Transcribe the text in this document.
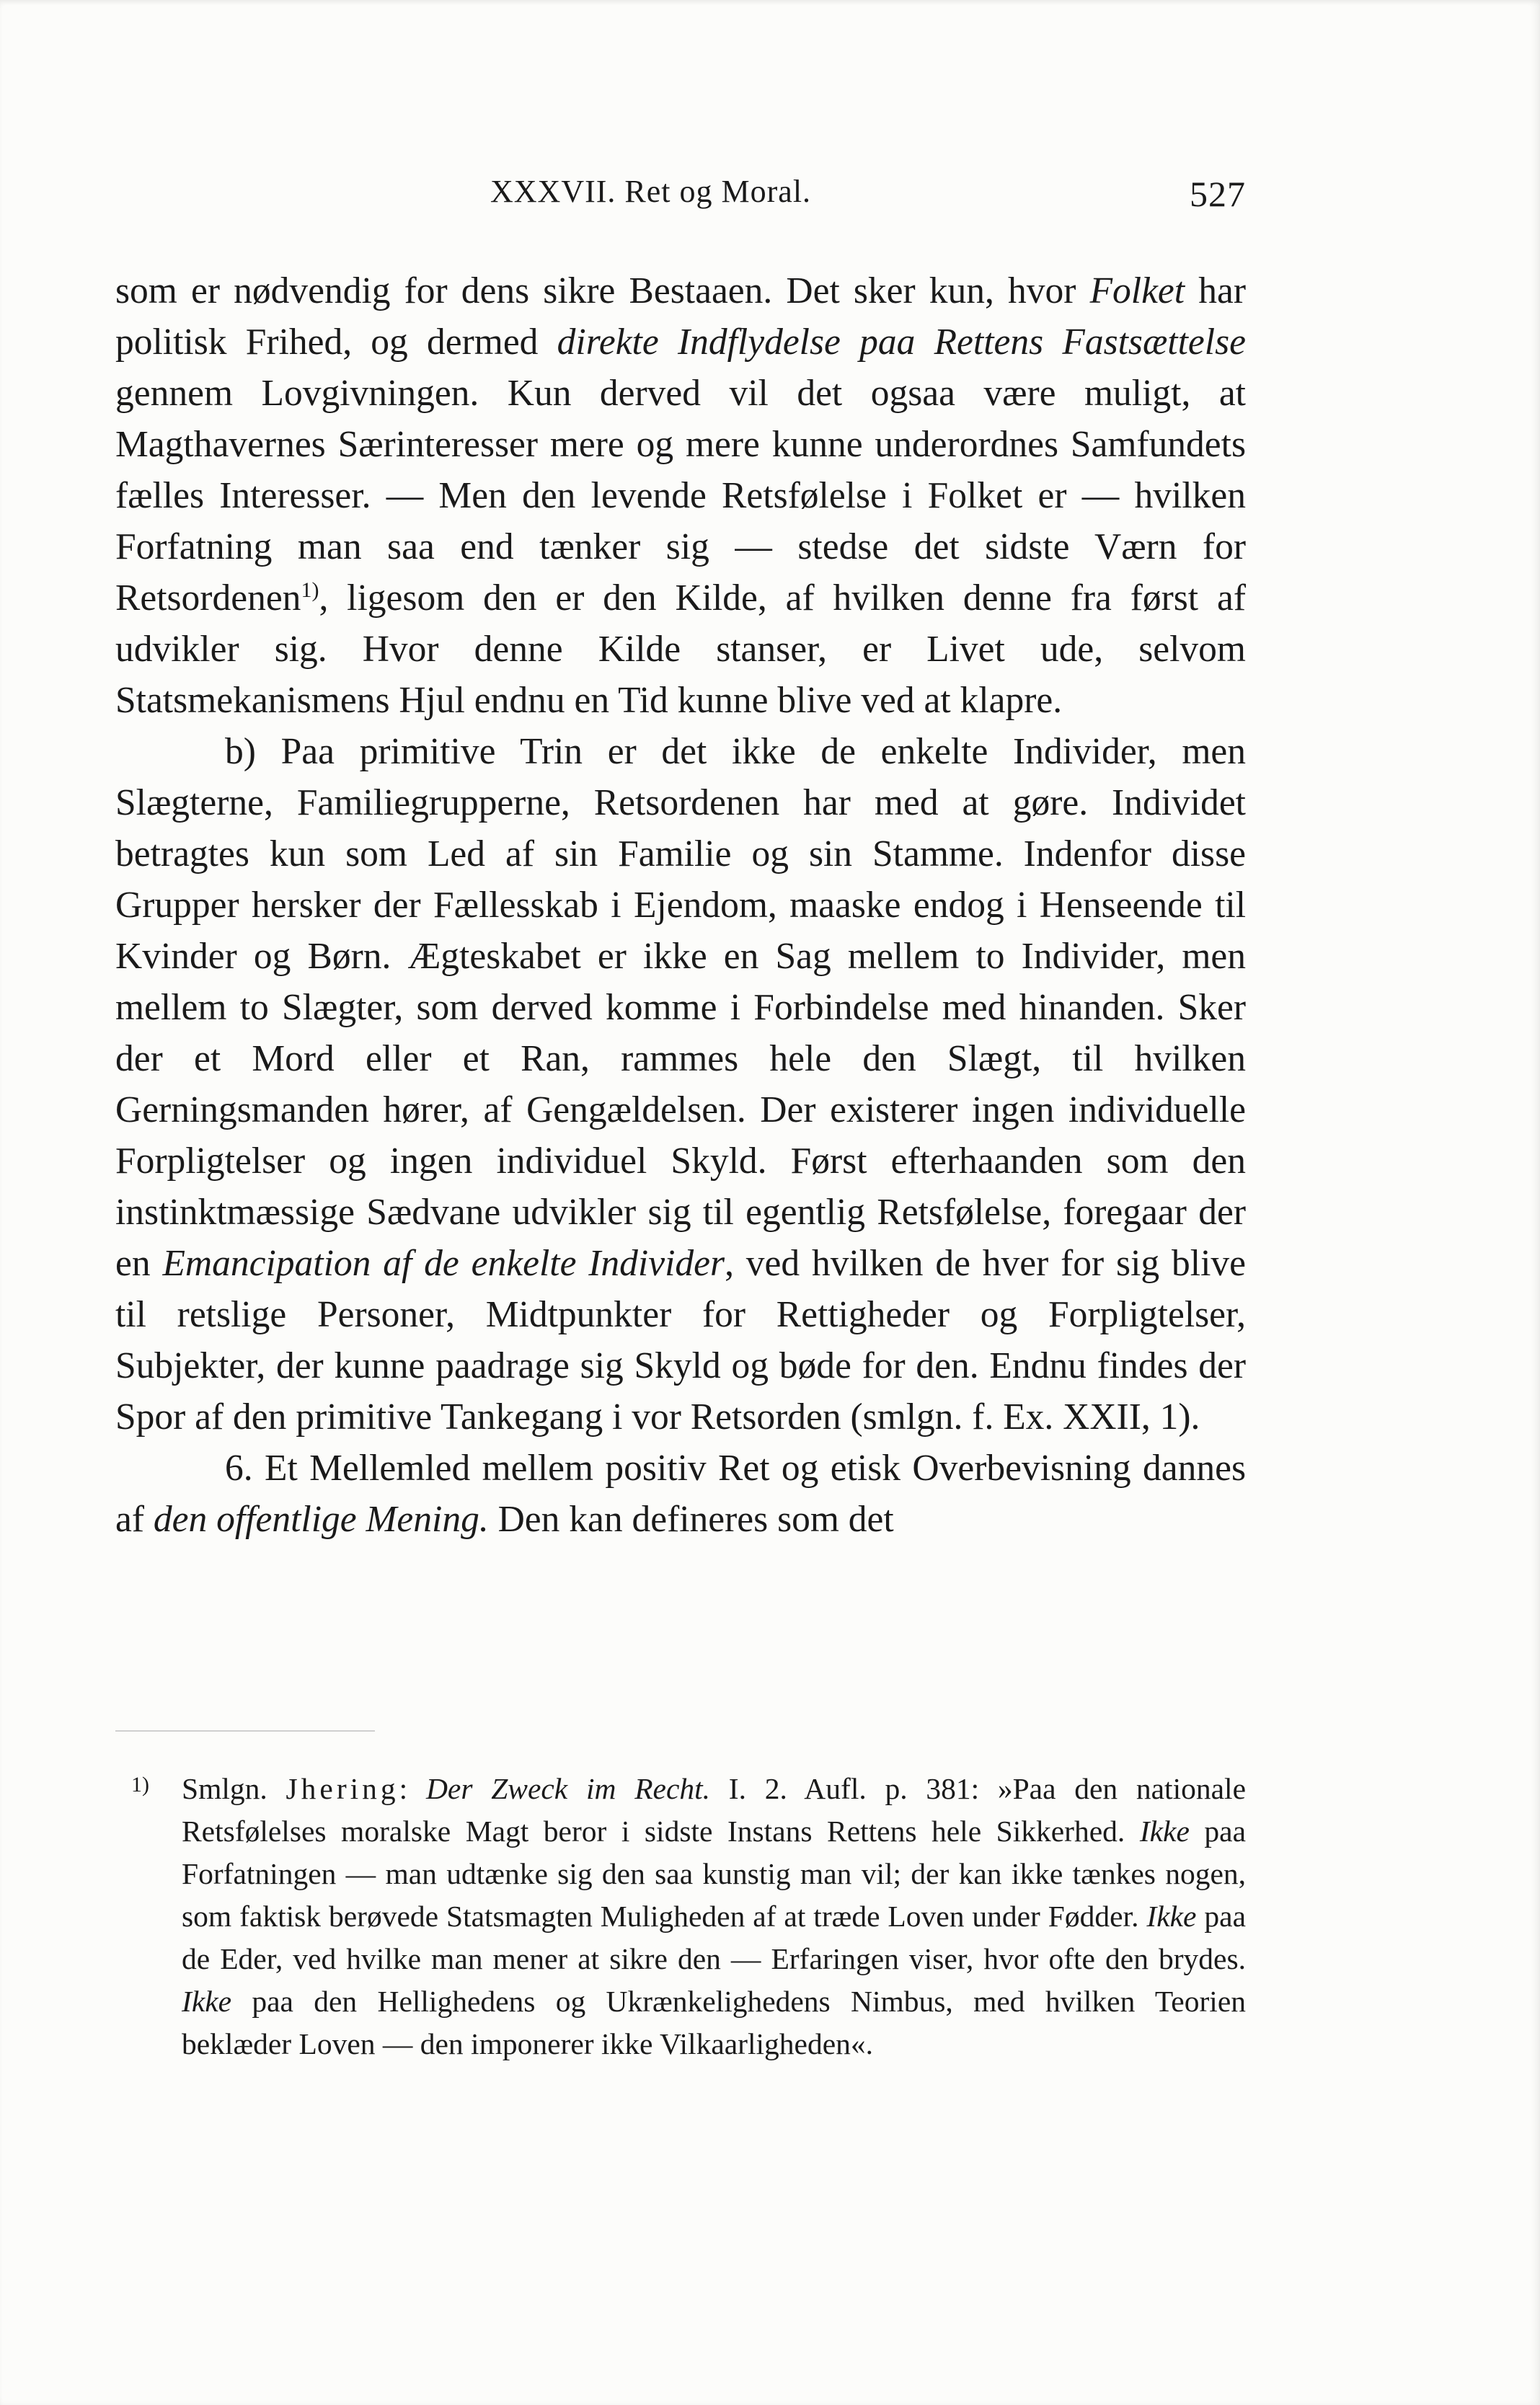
XXXVII. Ret og Moral.	527

som er nødvendig for dens sikre Bestaaen. Det sker kun, hvor Folket har politisk Frihed, og dermed direkte Indflydelse paa Rettens Fastsættelse gennem Lovgivningen. Kun derved vil det ogsaa være muligt, at Magthavernes Særinteresser mere og mere kunne underordnes Samfundets fælles Interesser. — Men den levende Retsfølelse i Folket er — hvilken Forfatning man saa end tænker sig — stedse det sidste Værn for Retsordenen$^{1)}$, ligesom den er den Kilde, af hvilken denne fra først af udvikler sig. Hvor denne Kilde stanser, er Livet ude, selvom Statsmekanismens Hjul endnu en Tid kunne blive ved at klapre.

b) Paa primitive Trin er det ikke de enkelte Individer, men Slægterne, Familiegrupperne, Retsordenen har med at gøre. Individet betragtes kun som Led af sin Familie og sin Stamme. Indenfor disse Grupper hersker der Fællesskab i Ejendom, maaske endog i Henseende til Kvinder og Børn. Ægteskabet er ikke en Sag mellem to Individer, men mellem to Slægter, som derved komme i Forbindelse med hinanden. Sker der et Mord eller et Ran, rammes hele den Slægt, til hvilken Gerningsmanden hører, af Gengældelsen. Der existerer ingen individuelle Forpligtelser og ingen individuel Skyld. Først efterhaanden som den instinktmæssige Sædvane udvikler sig til egentlig Retsfølelse, foregaar der en Emancipation af de enkelte Individer, ved hvilken de hver for sig blive til retslige Personer, Midtpunkter for Rettigheder og Forpligtelser, Subjekter, der kunne paadrage sig Skyld og bøde for den. Endnu findes der Spor af den primitive Tankegang i vor Retsorden (smlgn. f. Ex. XXII, 1).

6. Et Mellemled mellem positiv Ret og etisk Overbevisning dannes af den offentlige Mening. Den kan defineres som det

1) Smlgn. Jhering: Der Zweck im Recht. I. 2. Aufl. p. 381: »Paa den nationale Retsfølelses moralske Magt beror i sidste Instans Rettens hele Sikkerhed. Ikke paa Forfatningen — man udtænke sig den saa kunstig man vil; der kan ikke tænkes nogen, som faktisk berøvede Statsmagten Muligheden af at træde Loven under Fødder. Ikke paa de Eder, ved hvilke man mener at sikre den — Erfaringen viser, hvor ofte den brydes. Ikke paa den Hellighedens og Ukrænkelighedens Nimbus, med hvilken Teorien beklæder Loven — den imponerer ikke Vilkaarligheden«.
